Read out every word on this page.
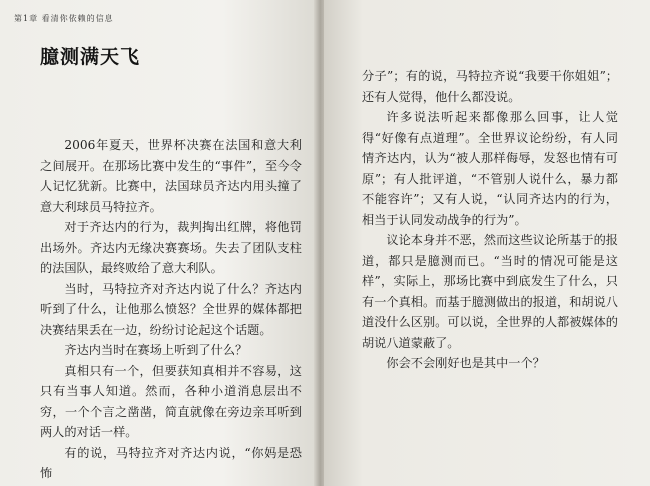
第1章 看清你依赖的信息
臆测满天飞

2006年夏天，世界杯决赛在法国和意大利之间展开。在那场比赛中发生的“事件”，至今令人记忆犹新。比赛中，法国球员齐达内用头撞了意大利球员马特拉齐。

对于齐达内的行为，裁判掏出红牌，将他罚出场外。齐达内无缘决赛赛场。失去了团队支柱的法国队，最终败给了意大利队。

当时，马特拉齐对齐达内说了什么？齐达内听到了什么，让他那么愤怒？全世界的媒体都把决赛结果丢在一边，纷纷讨论起这个话题。

齐达内当时在赛场上听到了什么？

真相只有一个，但要获知真相并不容易，这只有当事人知道。然而，各种小道消息层出不穷，一个个言之凿凿，简直就像在旁边亲耳听到两人的对话一样。

有的说，马特拉齐对齐达内说，“你妈是恐怖

分子”；有的说，马特拉齐说“我要干你姐姐”；还有人觉得，他什么都没说。

许多说法听起来都像那么回事，让人觉得“好像有点道理”。全世界议论纷纷，有人同情齐达内，认为“被人那样侮辱，发怒也情有可原”；有人批评道，“不管别人说什么，暴力都不能容许”；又有人说，“认同齐达内的行为，相当于认同发动战争的行为”。

议论本身并不恶，然而这些议论所基于的报道，都只是臆测而已。“当时的情况可能是这样”，实际上，那场比赛中到底发生了什么，只有一个真相。而基于臆测做出的报道，和胡说八道没什么区别。可以说，全世界的人都被媒体的胡说八道蒙蔽了。

你会不会刚好也是其中一个？
